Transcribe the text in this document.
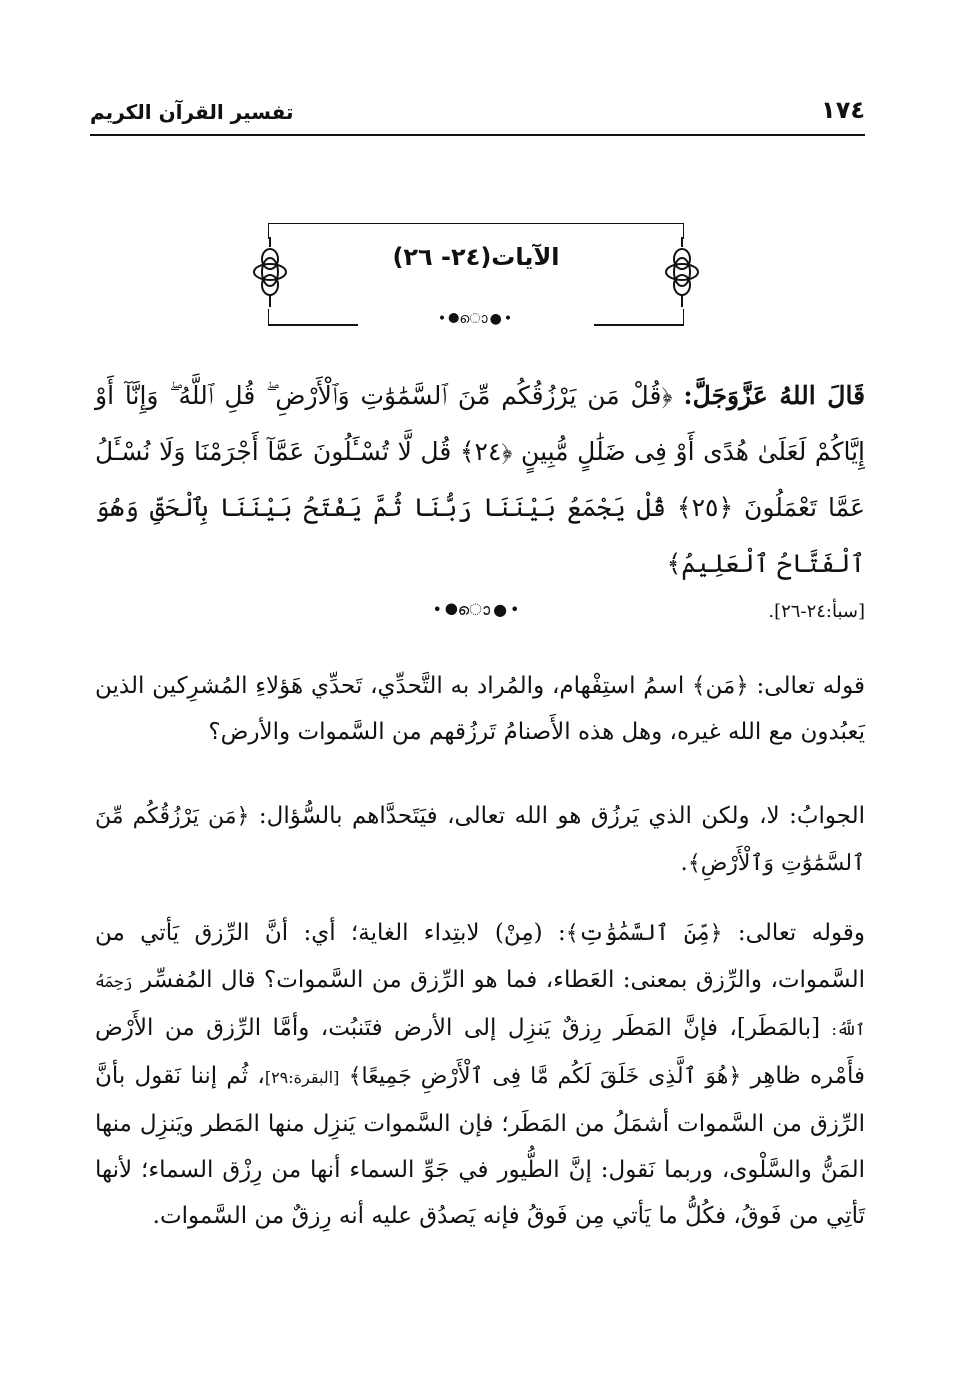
١٧٤
تفسير القرآن الكريم
الآيات(٢٤- ٢٦)
•●ൊ●•
قَالَ اللهُ عَزَّوَجَلَّ: ﴿قُلْ مَن يَرْزُقُكُم مِّنَ ٱلسَّمَٰوَٰتِ وَٱلْأَرْضِ ۖ قُلِ ٱللَّهُ ۖ وَإِنَّآ أَوْ إِيَّاكُمْ لَعَلَىٰ هُدًى أَوْ فِى ضَلَٰلٍ مُّبِينٍ ﴿٢٤﴾ قُل لَّا تُسْـَٔلُونَ عَمَّآ أَجْرَمْنَا وَلَا نُسْـَٔلُ عَمَّا تَعْمَلُونَ ﴿٢٥﴾ قُلْ يَجْمَعُ بَيْنَنَا رَبُّنَا ثُمَّ يَفْتَحُ بَيْنَنَا بِٱلْحَقِّ وَهُوَ ٱلْفَتَّاحُ ٱلْعَلِيمُ﴾
[سبأ:٢٤-٢٦].
•●ൊ●•
قوله تعالى: ﴿مَن﴾ اسمُ استِفْهام، والمُراد به التَّحدِّي، تَحدِّي هَؤلاءِ المُشرِكين الذين يَعبُدون مع الله غيره، وهل هذه الأَصنامُ تَرزُقهم من السَّموات والأرض؟
الجوابُ: لا، ولكن الذي يَرزُق هو الله تعالى، فيَتَحدَّاهم بالسُّؤال: ﴿مَن يَرْزُقُكُم مِّنَ ٱلسَّمَٰوَٰتِ وَٱلْأَرْضِ﴾.
وقوله تعالى: ﴿مِّنَ ٱلسَّمَٰوَٰتِ﴾: (مِنْ) لابتِداء الغاية؛ أي: أنَّ الرِّزق يَأتي من السَّموات، والرِّزق بمعنى: العَطاء، فما هو الرِّزق من السَّموات؟ قال المُفسِّر رَحِمَهُ ٱللَّهُ: [بالمَطَر]، فإنَّ المَطَر رِزقٌ يَنزِل إلى الأرض فتَنبُت، وأمَّا الرِّزق من الأَرْض فأَمْره ظاهِر ﴿هُوَ ٱلَّذِى خَلَقَ لَكُم مَّا فِى ٱلْأَرْضِ جَمِيعًا﴾ [البقرة:٢٩]، ثُم إننا نَقول بأنَّ الرِّزق من السَّموات أشمَلُ من المَطَر؛ فإن السَّموات يَنزِل منها المَطر ويَنزِل منها المَنُّ والسَّلْوى، وربما نَقول: إنَّ الطُّيور في جَوِّ السماء أنها من رِزْق السماء؛ لأنها تَأتِي من فَوقُ، فكُلُّ ما يَأتي مِن فَوقُ فإنه يَصدُق عليه أنه رِزقٌ من السَّموات.
